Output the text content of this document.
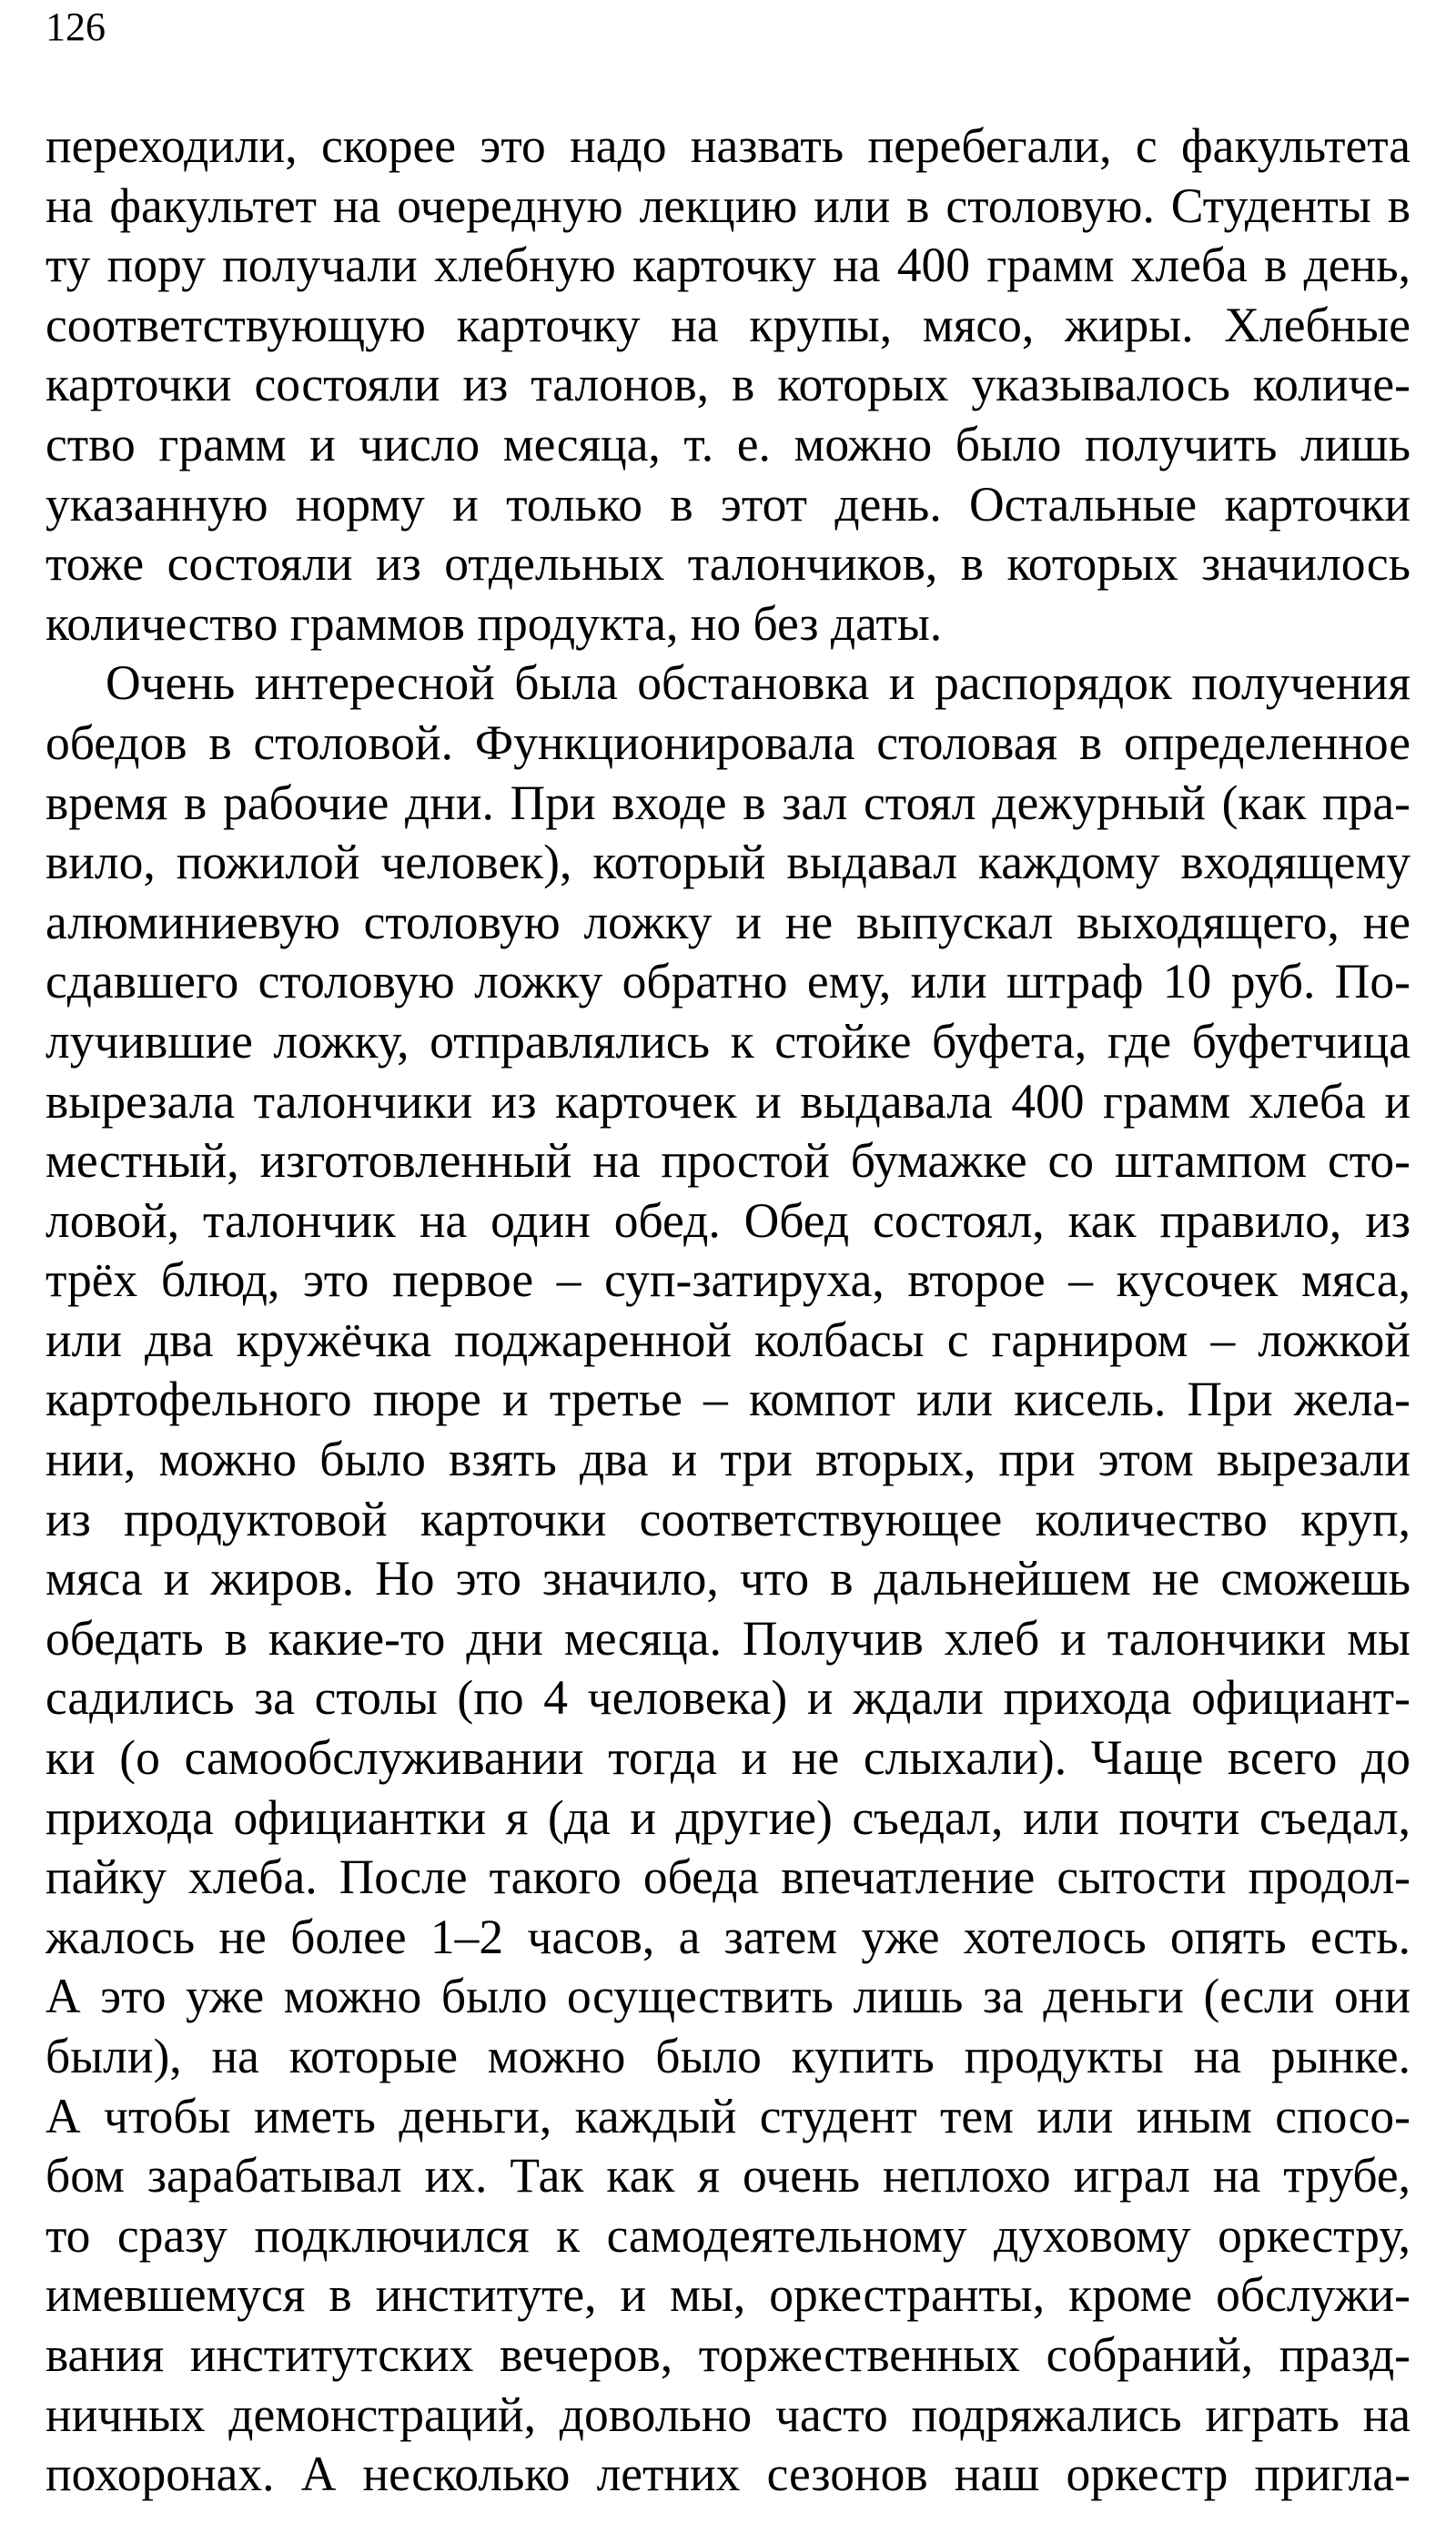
126
переходили, скорее это надо назвать перебегали, с факультета
на факультет на очередную лекцию или в столовую. Студенты в
ту пору получали хлебную карточку на 400 грамм хлеба в день,
соответствующую карточку на крупы, мясо, жиры. Хлебные
карточки состояли из талонов, в которых указывалось количе-
ство грамм и число месяца, т. е. можно было получить лишь
указанную норму и только в этот день. Остальные карточки
тоже состояли из отдельных талончиков, в которых значилось
количество граммов продукта, но без даты.
Очень интересной была обстановка и распорядок получения
обедов в столовой. Функционировала столовая в определенное
время в рабочие дни. При входе в зал стоял дежурный (как пра-
вило, пожилой человек), который выдавал каждому входящему
алюминиевую столовую ложку и не выпускал выходящего, не
сдавшего столовую ложку обратно ему, или штраф 10 руб. По-
лучившие ложку, отправлялись к стойке буфета, где буфетчица
вырезала талончики из карточек и выдавала 400 грамм хлеба и
местный, изготовленный на простой бумажке со штампом сто-
ловой, талончик на один обед. Обед состоял, как правило, из
трёх блюд, это первое – суп-затируха, второе – кусочек мяса,
или два кружёчка поджаренной колбасы с гарниром – ложкой
картофельного пюре и третье – компот или кисель. При жела-
нии, можно было взять два и три вторых, при этом вырезали
из продуктовой карточки соответствующее количество круп,
мяса и жиров. Но это значило, что в дальнейшем не сможешь
обедать в какие-то дни месяца. Получив хлеб и талончики мы
садились за столы (по 4 человека) и ждали прихода официант-
ки (о самообслуживании тогда и не слыхали). Чаще всего до
прихода официантки я (да и другие) съедал, или почти съедал,
пайку хлеба. После такого обеда впечатление сытости продол-
жалось не более 1–2 часов, а затем уже хотелось опять есть.
А это уже можно было осуществить лишь за деньги (если они
были), на которые можно было купить продукты на рынке.
А чтобы иметь деньги, каждый студент тем или иным спосо-
бом зарабатывал их. Так как я очень неплохо играл на трубе,
то сразу подключился к самодеятельному духовому оркестру,
имевшемуся в институте, и мы, оркестранты, кроме обслужи-
вания институтских вечеров, торжественных собраний, празд-
ничных демонстраций, довольно часто подряжались играть на
похоронах. А несколько летних сезонов наш оркестр пригла-
